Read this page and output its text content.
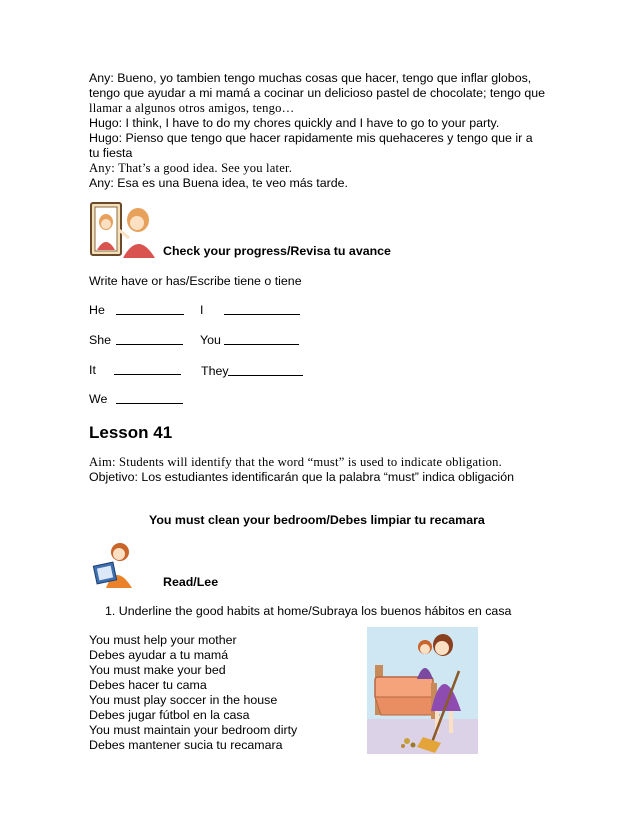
Any: Bueno, yo tambien tengo muchas cosas que hacer, tengo que inflar globos,
tengo que ayudar a mi mamá a cocinar un delicioso pastel de chocolate; tengo que
llamar a algunos otros amigos, tengo…
Hugo: I think, I have to do my chores quickly and I have to go to your party.
Hugo: Pienso que tengo que hacer rapidamente mis quehaceres y tengo que ir a
tu fiesta
Any: That’s a good idea. See you later.
Any: Esa es una Buena idea, te veo más tarde.
Check your progress/Revisa tu avance
Write have or has/Escribe tiene o tiene
He	I
She	You
It	They
We
Lesson 41
Aim: Students will identify that the word “must” is used to indicate obligation.
Objetivo: Los estudiantes identificarán que la palabra “must” indica obligación
You must clean your bedroom/Debes limpiar tu recamara
Read/Lee
1. Underline the good habits at home/Subraya los buenos hábitos en casa
You must help your mother
Debes ayudar a tu mamá
You must make your bed
Debes hacer tu cama
You must play soccer in the house
Debes jugar fútbol en la casa
You must maintain your bedroom dirty
Debes mantener sucia tu recamara
